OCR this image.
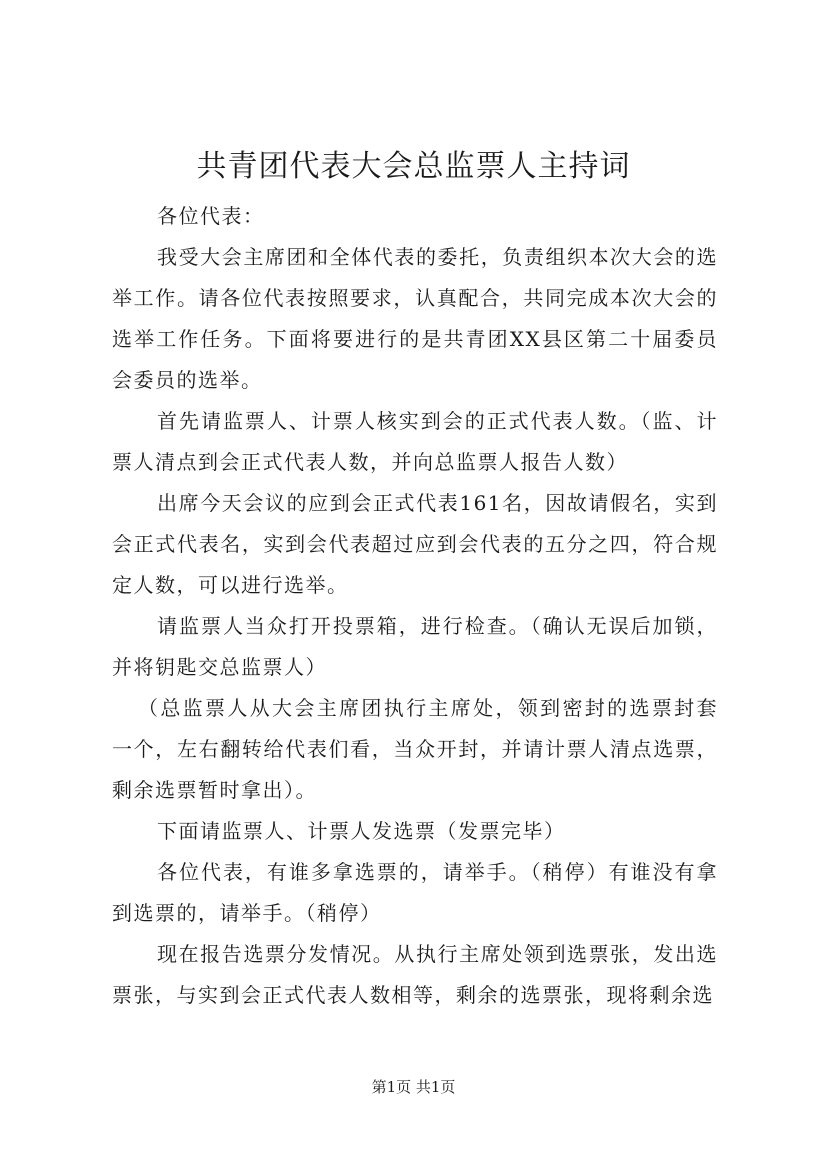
共青团代表大会总监票人主持词

各位代表：

我受大会主席团和全体代表的委托，负责组织本次大会的选举工作。请各位代表按照要求，认真配合，共同完成本次大会的选举工作任务。下面将要进行的是共青团XX县区第二十届委员会委员的选举。

首先请监票人、计票人核实到会的正式代表人数。（监、计票人清点到会正式代表人数，并向总监票人报告人数）

出席今天会议的应到会正式代表161名，因故请假名，实到会正式代表名，实到会代表超过应到会代表的五分之四，符合规定人数，可以进行选举。

请监票人当众打开投票箱，进行检查。（确认无误后加锁，并将钥匙交总监票人）

（总监票人从大会主席团执行主席处，领到密封的选票封套一个，左右翻转给代表们看，当众开封，并请计票人清点选票，剩余选票暂时拿出）。

下面请监票人、计票人发选票（发票完毕）

各位代表，有谁多拿选票的，请举手。（稍停）有谁没有拿到选票的，请举手。（稍停）

现在报告选票分发情况。从执行主席处领到选票张，发出选票张，与实到会正式代表人数相等，剩余的选票张，现将剩余选

第1页 共1页
